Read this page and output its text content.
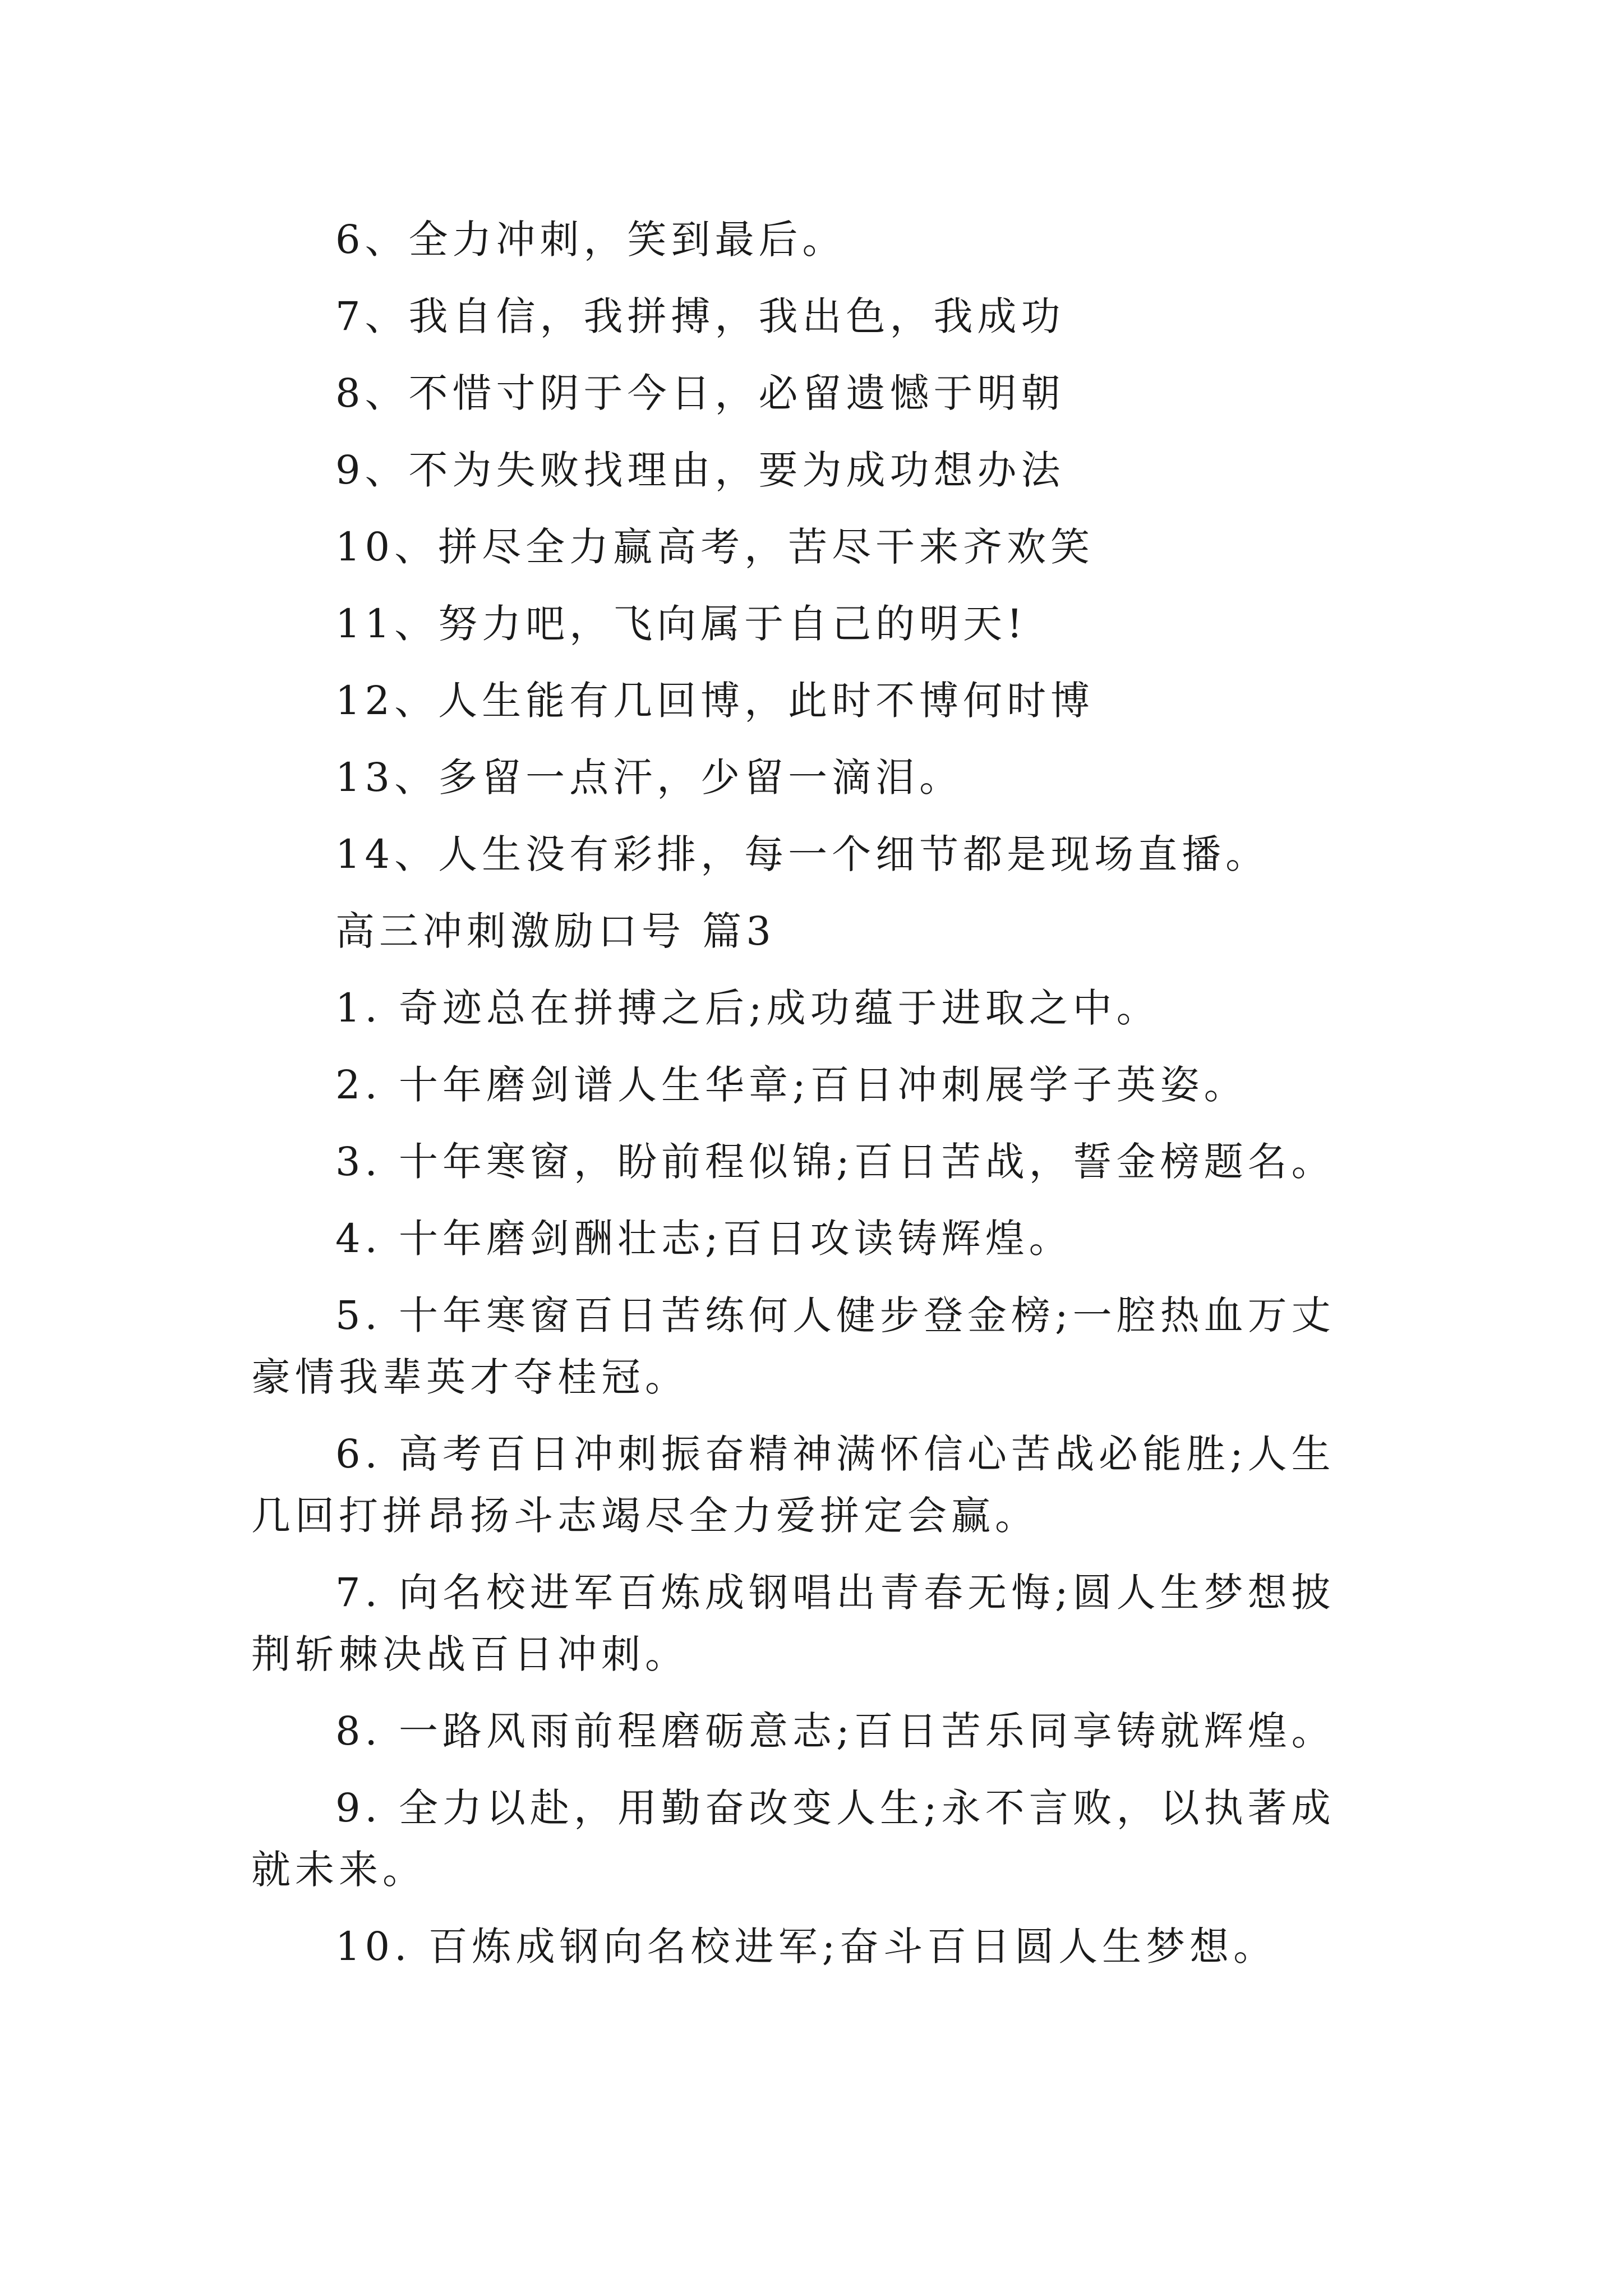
6、全力冲刺，笑到最后。
7、我自信，我拼搏，我出色，我成功
8、不惜寸阴于今日，必留遗憾于明朝
9、不为失败找理由，要为成功想办法
10、拼尽全力赢高考，苦尽干来齐欢笑
11、努力吧，飞向属于自己的明天!
12、人生能有几回博，此时不博何时博
13、多留一点汗，少留一滴泪。
14、人生没有彩排，每一个细节都是现场直播。
高三冲刺激励口号 篇3
1. 奇迹总在拼搏之后;成功蕴于进取之中。
2. 十年磨剑谱人生华章;百日冲刺展学子英姿。
3. 十年寒窗，盼前程似锦;百日苦战，誓金榜题名。
4. 十年磨剑酬壮志;百日攻读铸辉煌。
5. 十年寒窗百日苦练何人健步登金榜;一腔热血万丈豪情我辈英才夺桂冠。
6. 高考百日冲刺振奋精神满怀信心苦战必能胜;人生几回打拼昂扬斗志竭尽全力爱拼定会赢。
7. 向名校进军百炼成钢唱出青春无悔;圆人生梦想披荆斩棘决战百日冲刺。
8. 一路风雨前程磨砺意志;百日苦乐同享铸就辉煌。
9. 全力以赴，用勤奋改变人生;永不言败，以执著成就未来。
10. 百炼成钢向名校进军;奋斗百日圆人生梦想。
